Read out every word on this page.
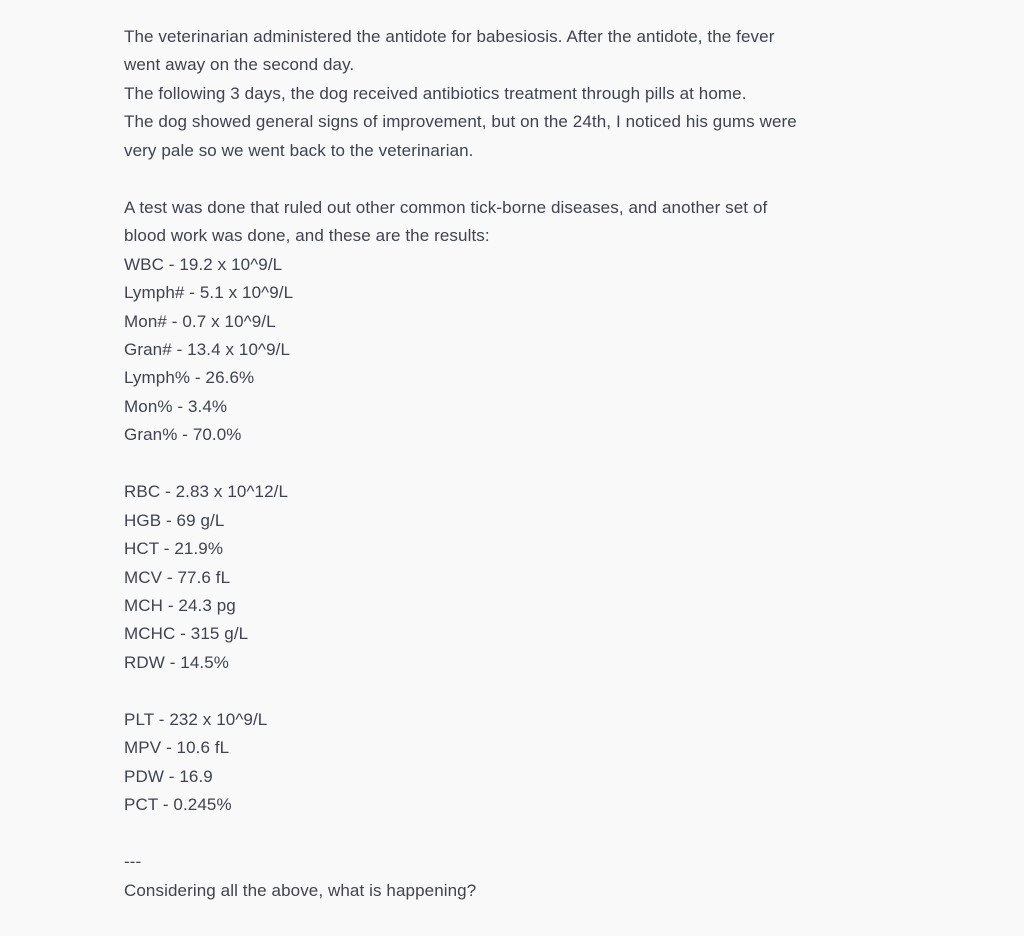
The veterinarian administered the antidote for babesiosis. After the antidote, the fever
went away on the second day.
The following 3 days, the dog received antibiotics treatment through pills at home.
The dog showed general signs of improvement, but on the 24th, I noticed his gums were
very pale so we went back to the veterinarian.
A test was done that ruled out other common tick-borne diseases, and another set of
blood work was done, and these are the results:
WBC - 19.2 x 10^9/L
Lymph# - 5.1 x 10^9/L
Mon# - 0.7 x 10^9/L
Gran# - 13.4 x 10^9/L
Lymph% - 26.6%
Mon% - 3.4%
Gran% - 70.0%
RBC - 2.83 x 10^12/L
HGB - 69 g/L
HCT - 21.9%
MCV - 77.6 fL
MCH - 24.3 pg
MCHC - 315 g/L
RDW - 14.5%
PLT - 232 x 10^9/L
MPV - 10.6 fL
PDW - 16.9
PCT - 0.245%
---
Considering all the above, what is happening?
